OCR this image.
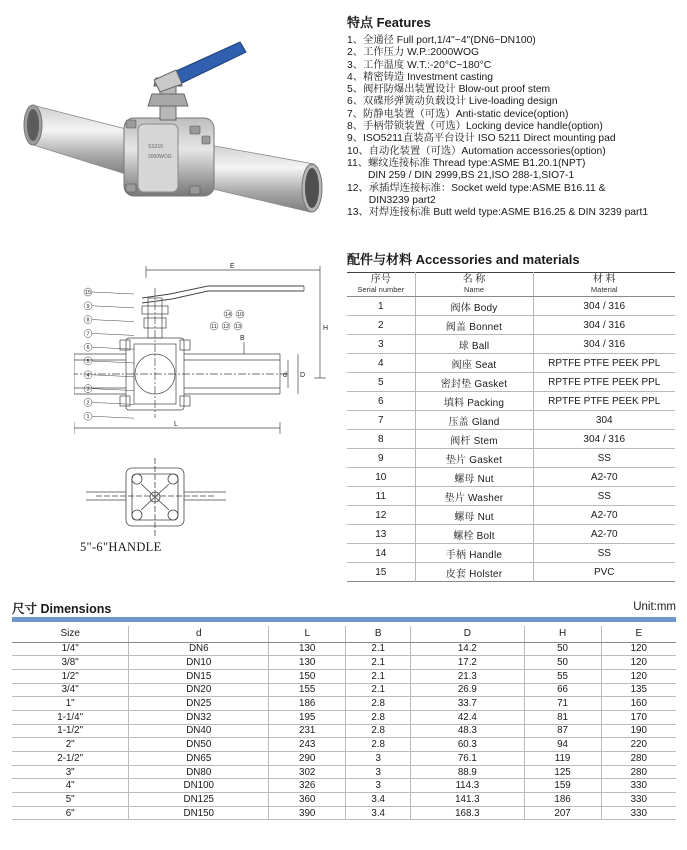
SS316
2000WOG
特点 Features
1、 全通径 Full port,1/4"~4"(DN6~DN100)
2、 工作压力 W.P.:2000WOG
3、 工作温度 W.T.:-20°C~180°C
4、 精密铸造 Investment casting
5、 阀杆防爆出装置设计 Blow-out proof stem
6、 双碟形弹簧动负载设计 Live-loading design
7、 防静电装置（可选）Anti-static device(option)
8、 手柄带锁装置（可选）Locking device handle(option)
9、 ISO5211直装高平台设计 ISO 5211 Direct mounting pad
10、 自动化装置（可选）Automation accessories(option)
11、 螺纹连接标准 Thread type:ASME B1.20.1(NPT)
DIN 259 / DIN 2999,BS 21,ISO 288-1,SIO7-1
12、 承插焊连接标准：Socket weld type:ASME B16.11 &
DIN3239 part2
13、 对焊连接标准 Butt weld type:ASME B16.25 & DIN 3239 part1
E
H
L
B
d D
15
9
8
7
6
5
4
3
2
1
14 10
11 12 13
5"-6"HANDLE
配件与材料 Accessories and materials
序号
Serial number	名 称
Name	材 料
Material

1	阀体 Body	304 / 316
2	阀盖 Bonnet	304 / 316
3	球 Ball	304 / 316
4	阀座 Seat	RPTFE PTFE PEEK PPL
5	密封垫 Gasket	RPTFE PTFE PEEK PPL
6	填料 Packing	RPTFE PTFE PEEK PPL
7	压盖 Gland	304
8	阀杆 Stem	304 / 316
9	垫片 Gasket	SS
10	螺母 Nut	A2-70
11	垫片 Washer	SS
12	螺母 Nut	A2-70
13	螺栓 Bolt	A2-70
14	手柄 Handle	SS
15	皮套 Holster	PVC
尺寸 Dimensions	Unit:mm
Size	d	L	B	D	H	E
1/4"	DN6	130	2.1	14.2	50	120
3/8"	DN10	130	2.1	17.2	50	120
1/2"	DN15	150	2.1	21.3	55	120
3/4"	DN20	155	2.1	26.9	66	135
1"	DN25	186	2.8	33.7	71	160
1-1/4"	DN32	195	2.8	42.4	81	170
1-1/2"	DN40	231	2.8	48.3	87	190
2"	DN50	243	2.8	60.3	94	220
2-1/2"	DN65	290	3	76.1	119	280
3"	DN80	302	3	88.9	125	280
4"	DN100	326	3	114.3	159	330
5"	DN125	360	3.4	141.3	186	330
6"	DN150	390	3.4	168.3	207	330
